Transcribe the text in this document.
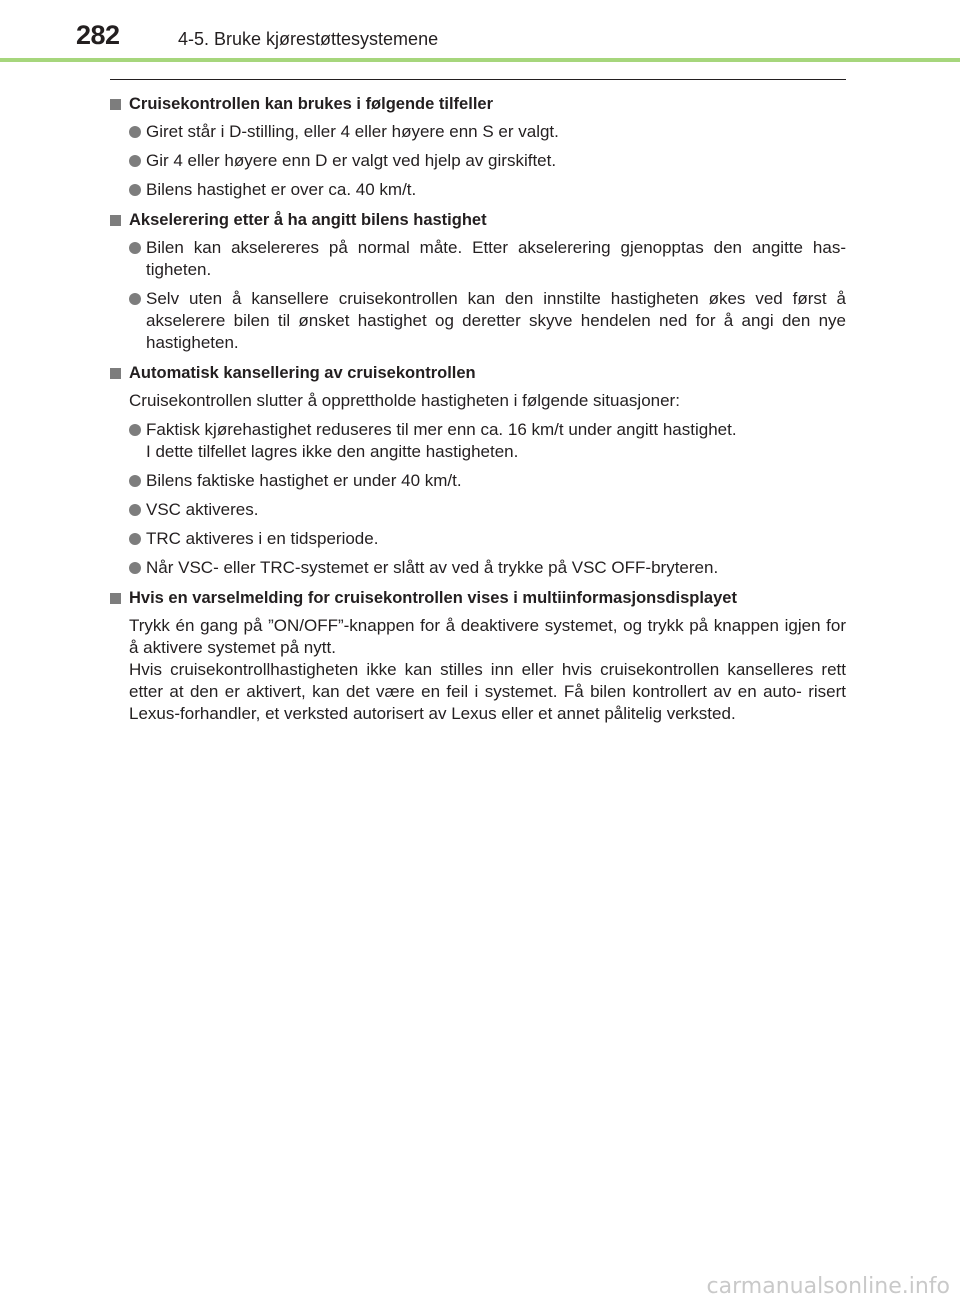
282	4-5. Bruke kjørestøttesystemene
Cruisekontrollen kan brukes i følgende tilfeller
Giret står i D-stilling, eller 4 eller høyere enn S er valgt.
Gir 4 eller høyere enn D er valgt ved hjelp av girskiftet.
Bilens hastighet er over ca. 40 km/t.
Akselerering etter å ha angitt bilens hastighet
Bilen kan akselereres på normal måte. Etter akselerering gjenopptas den angitte has- tigheten.
Selv uten å kansellere cruisekontrollen kan den innstilte hastigheten økes ved først å akselerere bilen til ønsket hastighet og deretter skyve hendelen ned for å angi den nye hastigheten.
Automatisk kansellering av cruisekontrollen
Cruisekontrollen slutter å opprettholde hastigheten i følgende situasjoner:
Faktisk kjørehastighet reduseres til mer enn ca. 16 km/t under angitt hastighet.
I dette tilfellet lagres ikke den angitte hastigheten.
Bilens faktiske hastighet er under 40 km/t.
VSC aktiveres.
TRC aktiveres i en tidsperiode.
Når VSC- eller TRC-systemet er slått av ved å trykke på VSC OFF-bryteren.
Hvis en varselmelding for cruisekontrollen vises i multiinformasjonsdisplayet
Trykk én gang på ”ON/OFF”-knappen for å deaktivere systemet, og trykk på knappen igjen for å aktivere systemet på nytt.
Hvis cruisekontrollhastigheten ikke kan stilles inn eller hvis cruisekontrollen kanselleres rett etter at den er aktivert, kan det være en feil i systemet. Få bilen kontrollert av en auto- risert Lexus-forhandler, et verksted autorisert av Lexus eller et annet pålitelig verksted.
carmanualsonline.info
